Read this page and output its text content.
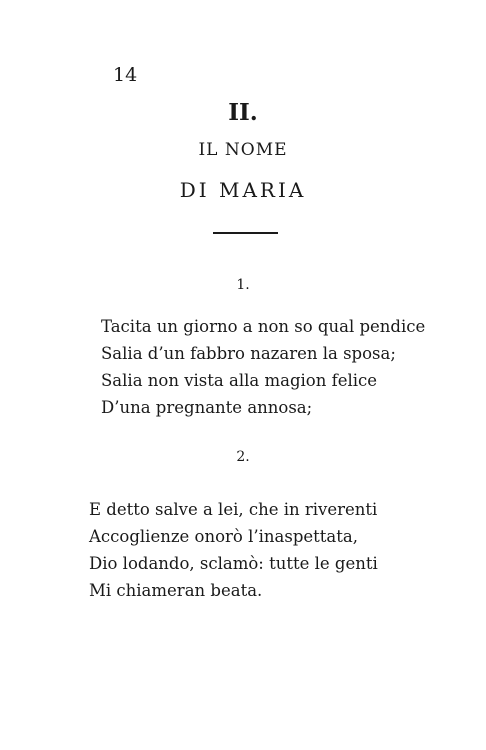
14
II.
IL NOME
DI MARIA
1.
Tacita un giorno a non so qual pendice
Salia d’un fabbro nazaren la sposa;
Salia non vista alla magion felice
D’una pregnante annosa;
2.
E detto salve a lei, che in riverenti
Accoglienze onorò l’inaspettata,
Dio lodando, sclamò: tutte le genti
Mi chiameran beata.
